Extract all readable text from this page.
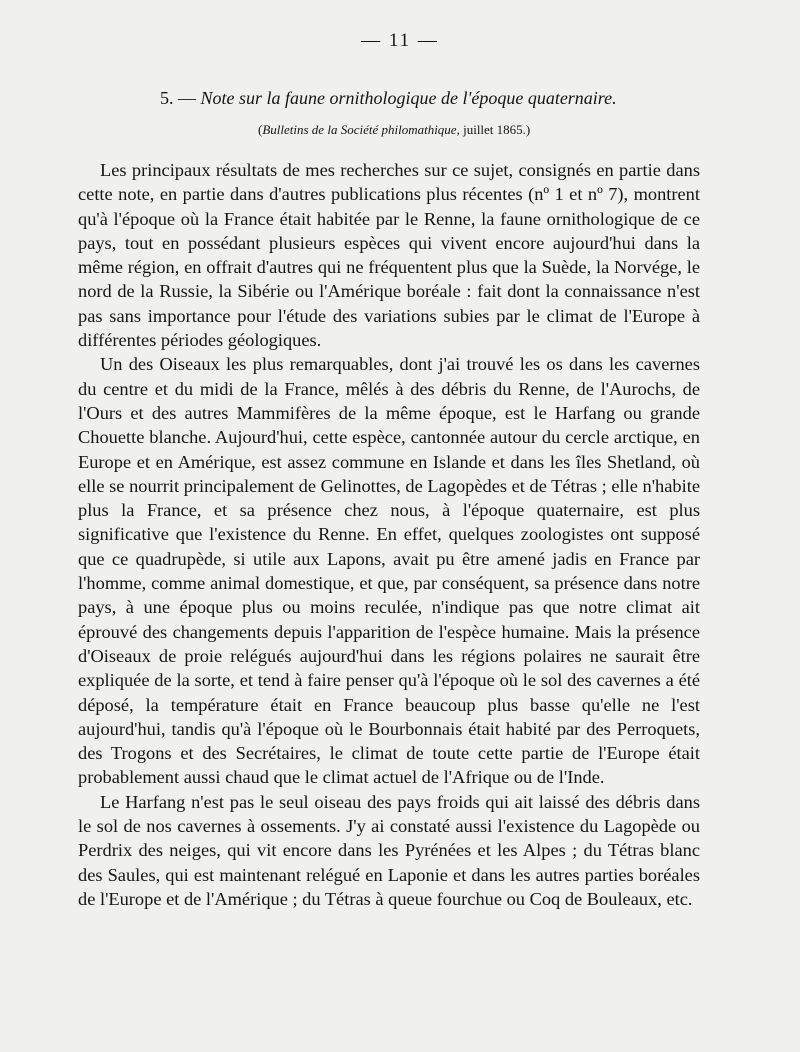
— 11 —
5. — Note sur la faune ornithologique de l'époque quaternaire.
(Bulletins de la Société philomathique, juillet 1865.)

Les principaux résultats de mes recherches sur ce sujet, consignés en partie dans cette note, en partie dans d'autres publications plus récentes (nº 1 et nº 7), montrent qu'à l'époque où la France était habitée par le Renne, la faune ornithologique de ce pays, tout en possédant plusieurs espèces qui vivent encore aujourd'hui dans la même région, en offrait d'autres qui ne fréquentent plus que la Suède, la Norvége, le nord de la Russie, la Sibérie ou l'Amérique boréale : fait dont la connaissance n'est pas sans importance pour l'étude des variations subies par le climat de l'Europe à différentes périodes géologiques.

Un des Oiseaux les plus remarquables, dont j'ai trouvé les os dans les cavernes du centre et du midi de la France, mêlés à des débris du Renne, de l'Aurochs, de l'Ours et des autres Mammifères de la même époque, est le Harfang ou grande Chouette blanche. Aujourd'hui, cette espèce, cantonnée autour du cercle arctique, en Europe et en Amérique, est assez commune en Islande et dans les îles Shetland, où elle se nourrit principalement de Gelinottes, de Lagopèdes et de Tétras ; elle n'habite plus la France, et sa présence chez nous, à l'époque quaternaire, est plus significative que l'existence du Renne. En effet, quelques zoologistes ont supposé que ce quadrupède, si utile aux Lapons, avait pu être amené jadis en France par l'homme, comme animal domestique, et que, par conséquent, sa présence dans notre pays, à une époque plus ou moins reculée, n'indique pas que notre climat ait éprouvé des changements depuis l'apparition de l'espèce humaine. Mais la présence d'Oiseaux de proie relégués aujourd'hui dans les régions polaires ne saurait être expliquée de la sorte, et tend à faire penser qu'à l'époque où le sol des cavernes a été déposé, la température était en France beaucoup plus basse qu'elle ne l'est aujourd'hui, tandis qu'à l'époque où le Bourbonnais était habité par des Perroquets, des Trogons et des Secrétaires, le climat de toute cette partie de l'Europe était probablement aussi chaud que le climat actuel de l'Afrique ou de l'Inde.

Le Harfang n'est pas le seul oiseau des pays froids qui ait laissé des débris dans le sol de nos cavernes à ossements. J'y ai constaté aussi l'existence du Lagopède ou Perdrix des neiges, qui vit encore dans les Pyrénées et les Alpes ; du Tétras blanc des Saules, qui est maintenant relégué en Laponie et dans les autres parties boréales de l'Europe et de l'Amérique ; du Tétras à queue fourchue ou Coq de Bouleaux, etc.
